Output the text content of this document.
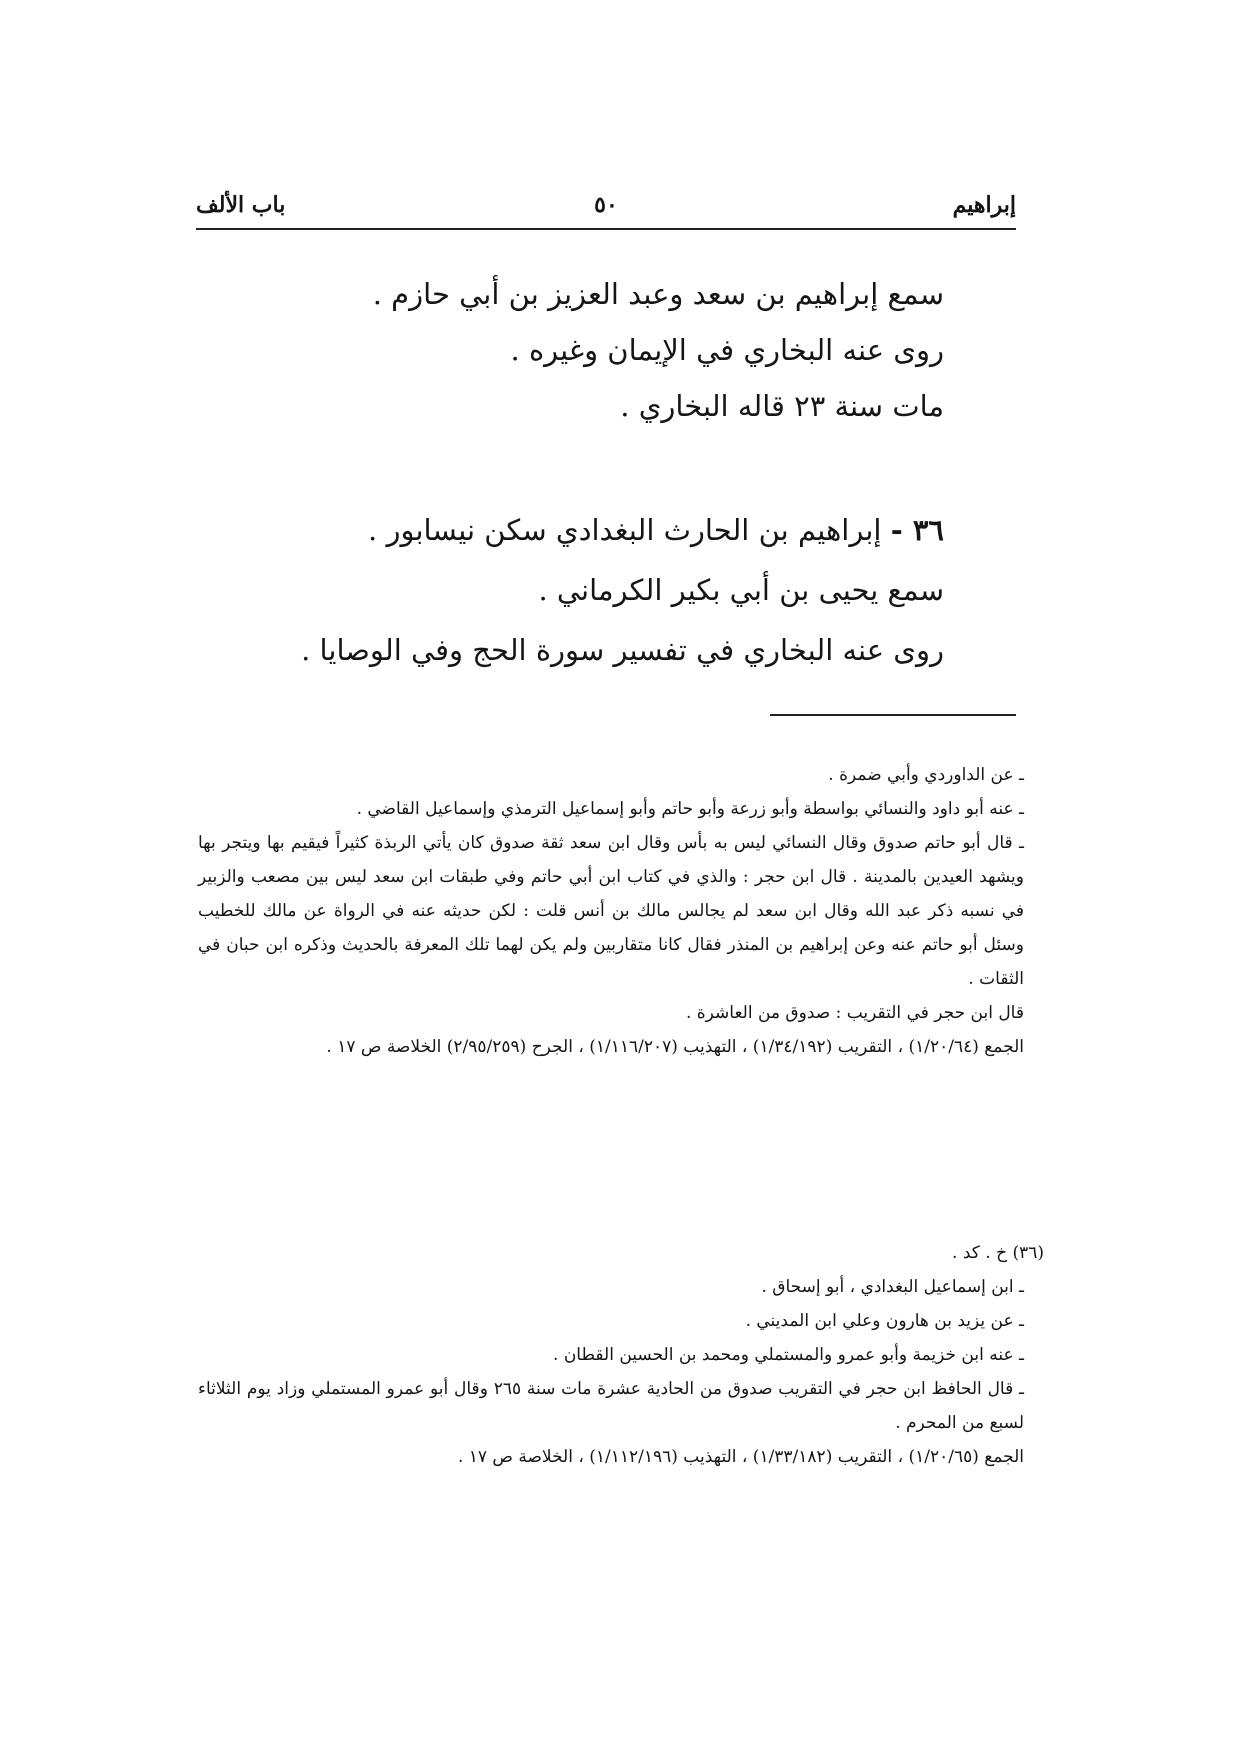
إبراهيم
٥٠
باب الألف

سمع إبراهيم بن سعد وعبد العزيز بن أبي حازم .

روى عنه البخاري في الإيمان وغيره .

مات سنة ٢٣ قاله البخاري .

٣٦ - إبراهيم بن الحارث البغدادي سكن نيسابور .

سمع يحيى بن أبي بكير الكرماني .

روى عنه البخاري في تفسير سورة الحج وفي الوصايا .

ـ عن الداوردي وأبي ضمرة .

ـ عنه أبو داود والنسائي بواسطة وأبو زرعة وأبو حاتم وأبو إسماعيل الترمذي وإسماعيل القاضي .

ـ قال أبو حاتم صدوق وقال النسائي ليس به بأس وقال ابن سعد ثقة صدوق كان يأتي الربذة كثيراً فيقيم بها ويتجر بها ويشهد العيدين بالمدينة . قال ابن حجر : والذي في كتاب ابن أبي حاتم وفي طبقات ابن سعد ليس بين مصعب والزبير في نسبه ذكر عبد الله وقال ابن سعد لم يجالس مالك بن أنس قلت : لكن حديثه عنه في الرواة عن مالك للخطيب وسئل أبو حاتم عنه وعن إبراهيم بن المنذر فقال كانا متقاربين ولم يكن لهما تلك المعرفة بالحديث وذكره ابن حبان في الثقات .

قال ابن حجر في التقريب : صدوق من العاشرة .

الجمع (١/٢٠/٦٤) ، التقريب (١/٣٤/١٩٢) ، التهذيب (١/١١٦/٢٠٧) ، الجرح (٢/٩٥/٢٥٩) الخلاصة ص ١٧ .

(٣٦) خ . كد .

ـ ابن إسماعيل البغدادي ، أبو إسحاق .

ـ عن يزيد بن هارون وعلي ابن المديني .

ـ عنه ابن خزيمة وأبو عمرو والمستملي ومحمد بن الحسين القطان .

ـ قال الحافظ ابن حجر في التقريب صدوق من الحادية عشرة مات سنة ٢٦٥ وقال أبو عمرو المستملي وزاد يوم الثلاثاء لسبع من المحرم .

الجمع (١/٢٠/٦٥) ، التقريب (١/٣٣/١٨٢) ، التهذيب (١/١١٢/١٩٦) ، الخلاصة ص ١٧ .
